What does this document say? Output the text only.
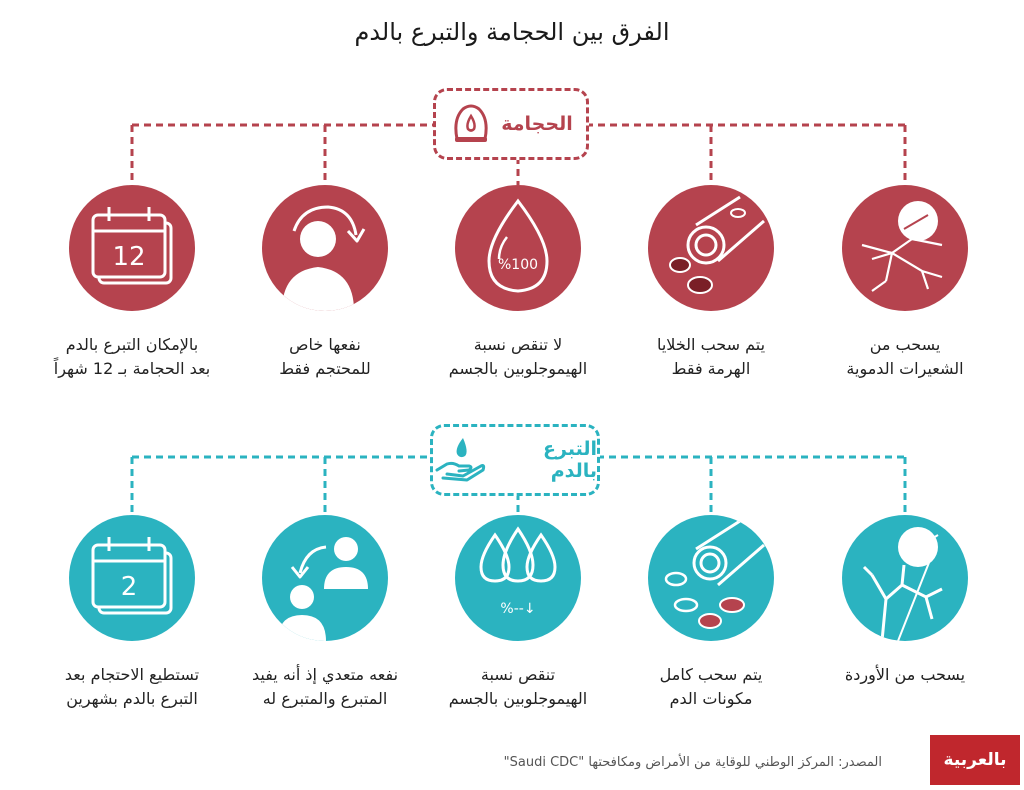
الفرق بين الحجامة والتبرع بالدم
الحجامة
التبرع بالدم
يسحب من
الشعيرات الدموية
يتم سحب الخلايا
الهرمة فقط
%100
لا تنقص نسبة
الهيموجلوبين بالجسم
نفعها خاص
للمحتجم فقط
12
بالإمكان التبرع بالدم
بعد الحجامة بـ 12 شهراً
يسحب من الأوردة
يتم سحب كامل
مكونات الدم
%--↓
تنقص نسبة
الهيموجلوبين بالجسم
نفعه متعدي إذ أنه يفيد
المتبرع والمتبرع له
2
تستطيع الاحتجام بعد
التبرع بالدم بشهرين
المصدر: المركز الوطني للوقاية من الأمراض ومكافحتها "Saudi CDC"	بالعربية
